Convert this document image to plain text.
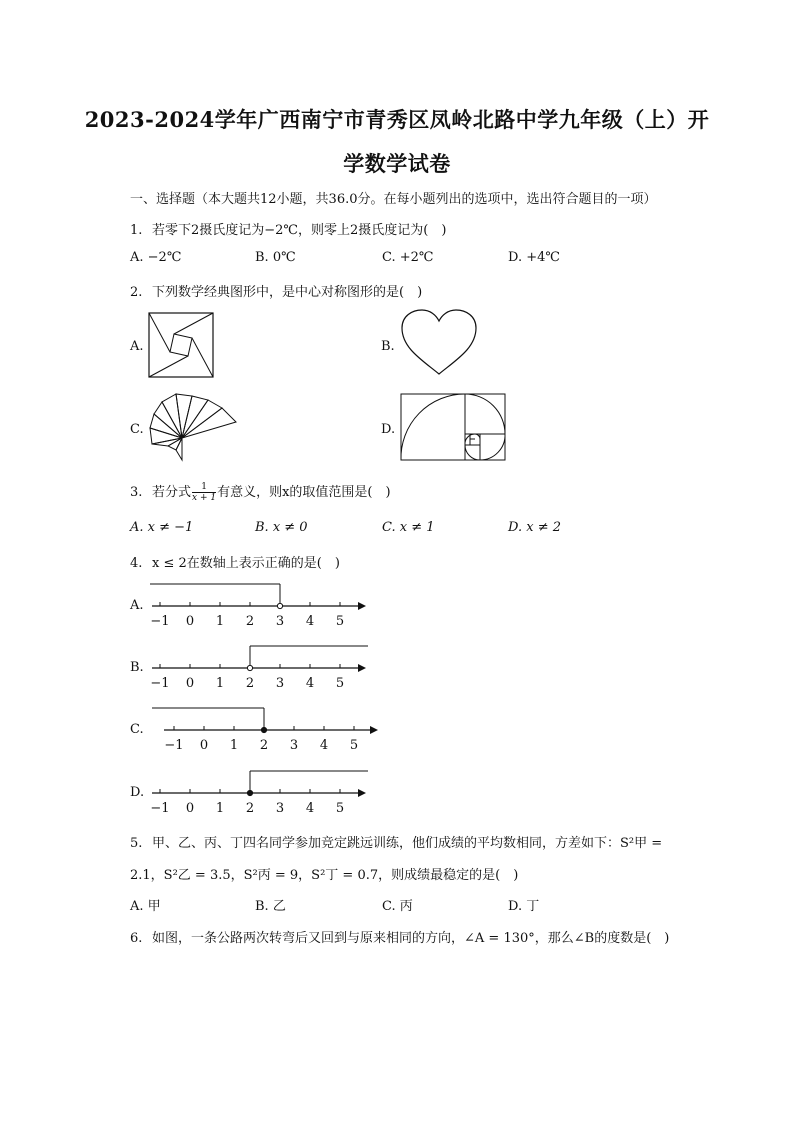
2023-2024学年广西南宁市青秀区凤岭北路中学九年级（上）开
学数学试卷
一、选择题（本大题共12小题，共36.0分。在每小题列出的选项中，选出符合题目的一项）
1. 若零下2摄氏度记为−2℃，则零上2摄氏度记为(　)
A. −2℃	B. 0℃	C. +2℃	D. +4℃
2. 下列数学经典图形中，是中心对称图形的是(　)
A.	B.
C.	D.
3. 若分式 $\frac{1}{x + 1}$ 有意义，则x的取值范围是(　)
A. x ≠ −1	B. x ≠ 0	C. x ≠ 1	D. x ≠ 2
4. x ≤ 2在数轴上表示正确的是(　)
A.
−1 0 1 2 3 4 5
B.
−1 0 1 2 3 4 5
C.
−1 0 1 2 3 4 5
D.
−1 0 1 2 3 4 5
5. 甲、乙、丙、丁四名同学参加竞定跳远训练，他们成绩的平均数相同，方差如下：S²甲 =
2.1，S²乙 = 3.5，S²丙 = 9，S²丁 = 0.7，则成绩最稳定的是(　)
A. 甲	B. 乙	C. 丙	D. 丁
6. 如图，一条公路两次转弯后又回到与原来相同的方向，∠A = 130°，那么∠B的度数是(　)
